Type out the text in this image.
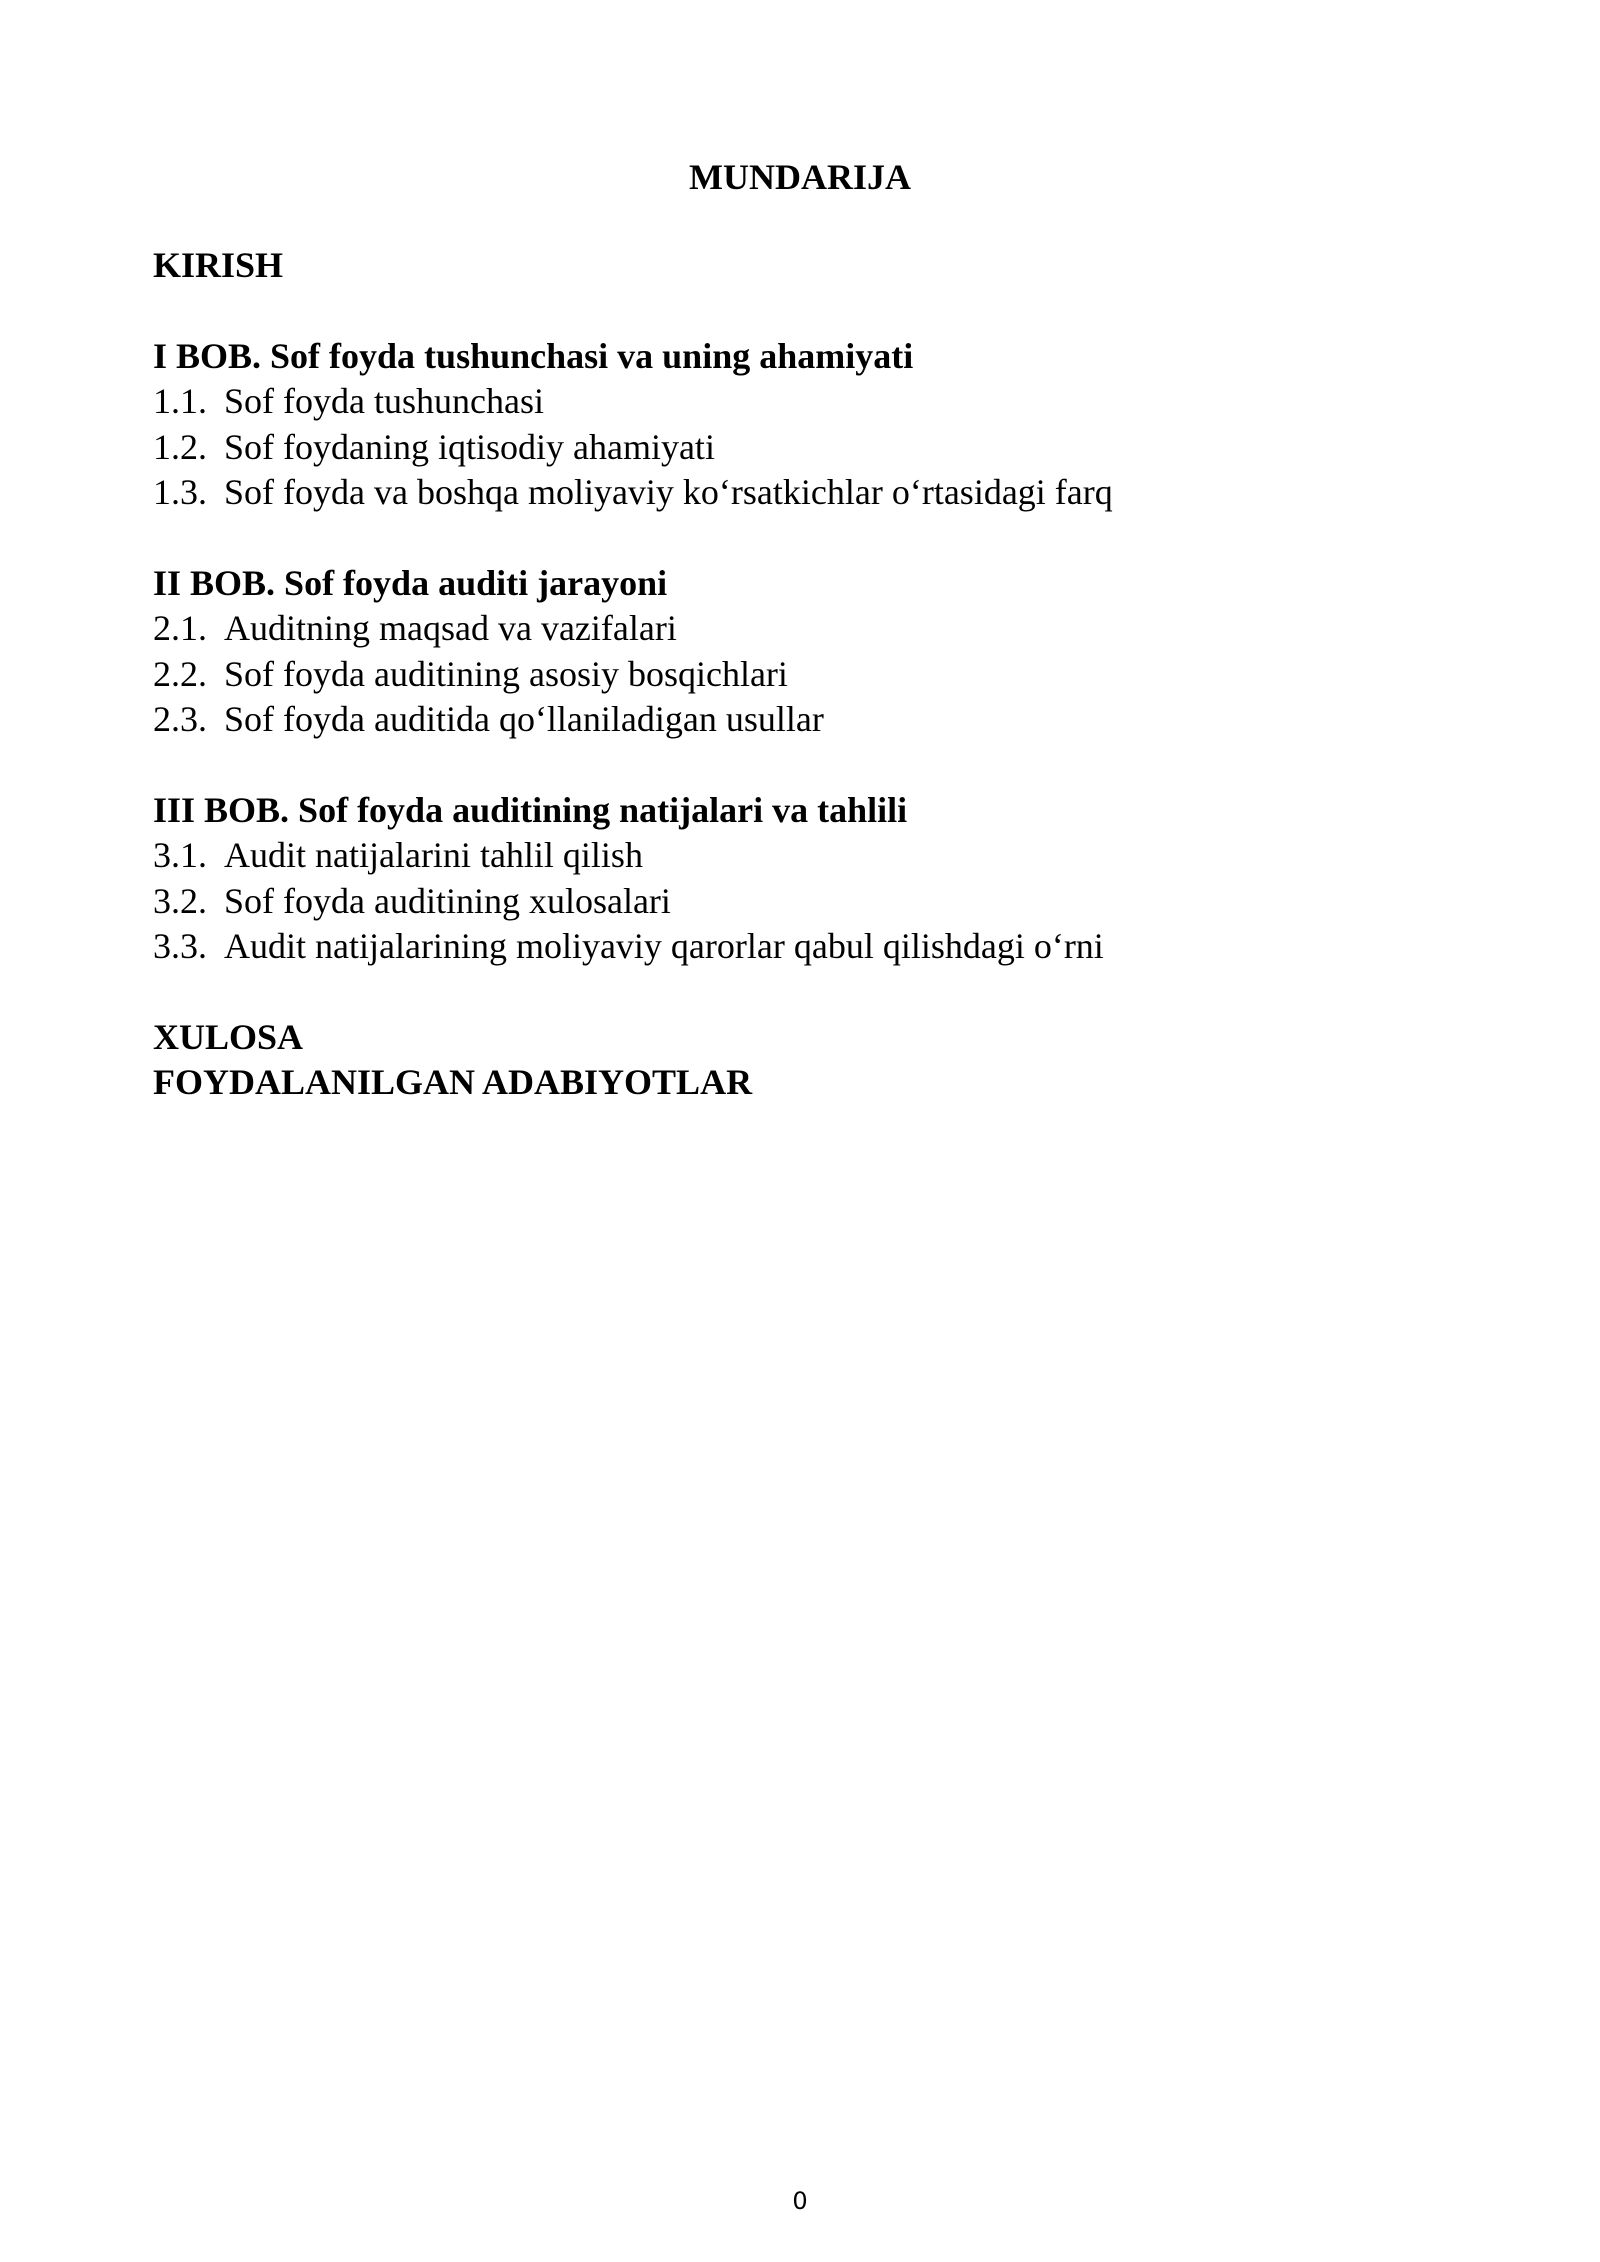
MUNDARIJA
KIRISH
I BOB. Sof foyda tushunchasi va uning ahamiyati
1.1. Sof foyda tushunchasi
1.2. Sof foydaning iqtisodiy ahamiyati
1.3. Sof foyda va boshqa moliyaviy ko‘rsatkichlar o‘rtasidagi farq
II BOB. Sof foyda auditi jarayoni
2.1. Auditning maqsad va vazifalari
2.2. Sof foyda auditining asosiy bosqichlari
2.3. Sof foyda auditida qo‘llaniladigan usullar
III BOB. Sof foyda auditining natijalari va tahlili
3.1. Audit natijalarini tahlil qilish
3.2. Sof foyda auditining xulosalari
3.3. Audit natijalarining moliyaviy qarorlar qabul qilishdagi o‘rni
XULOSA
FOYDALANILGAN ADABIYOTLAR
0
